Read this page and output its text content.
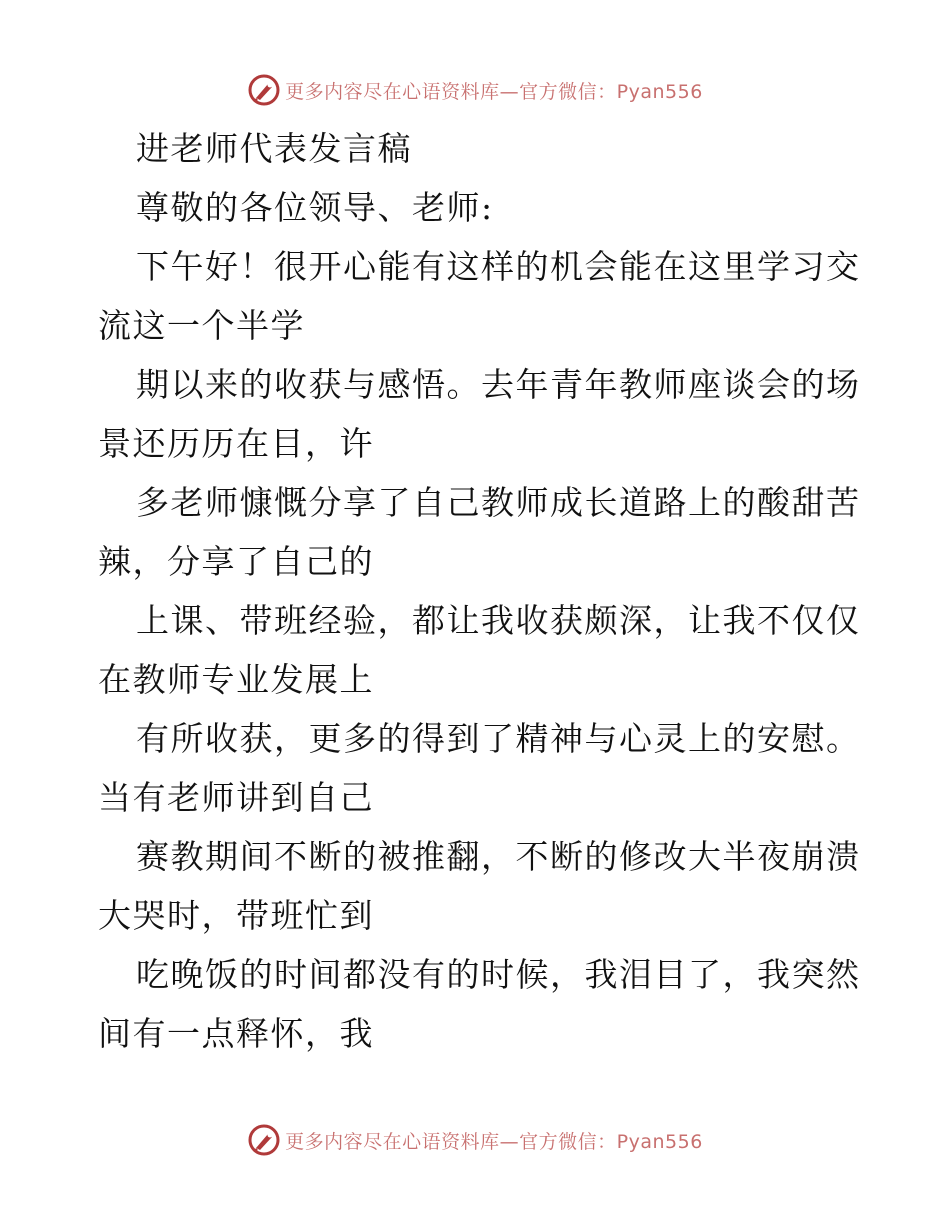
更多内容尽在心语资料库—官方微信：Pyan556
进老师代表发言稿
尊敬的各位领导、老师:
下午好！很开心能有这样的机会能在这里学习交
流这一个半学
期以来的收获与感悟。去年青年教师座谈会的场
景还历历在目，许
多老师慷慨分享了自己教师成长道路上的酸甜苦
辣，分享了自己的
上课、带班经验，都让我收获颇深，让我不仅仅
在教师专业发展上
有所收获，更多的得到了精神与心灵上的安慰。
当有老师讲到自己
赛教期间不断的被推翻，不断的修改大半夜崩溃
大哭时，带班忙到
吃晚饭的时间都没有的时候，我泪目了，我突然
间有一点释怀，我
更多内容尽在心语资料库—官方微信：Pyan556
